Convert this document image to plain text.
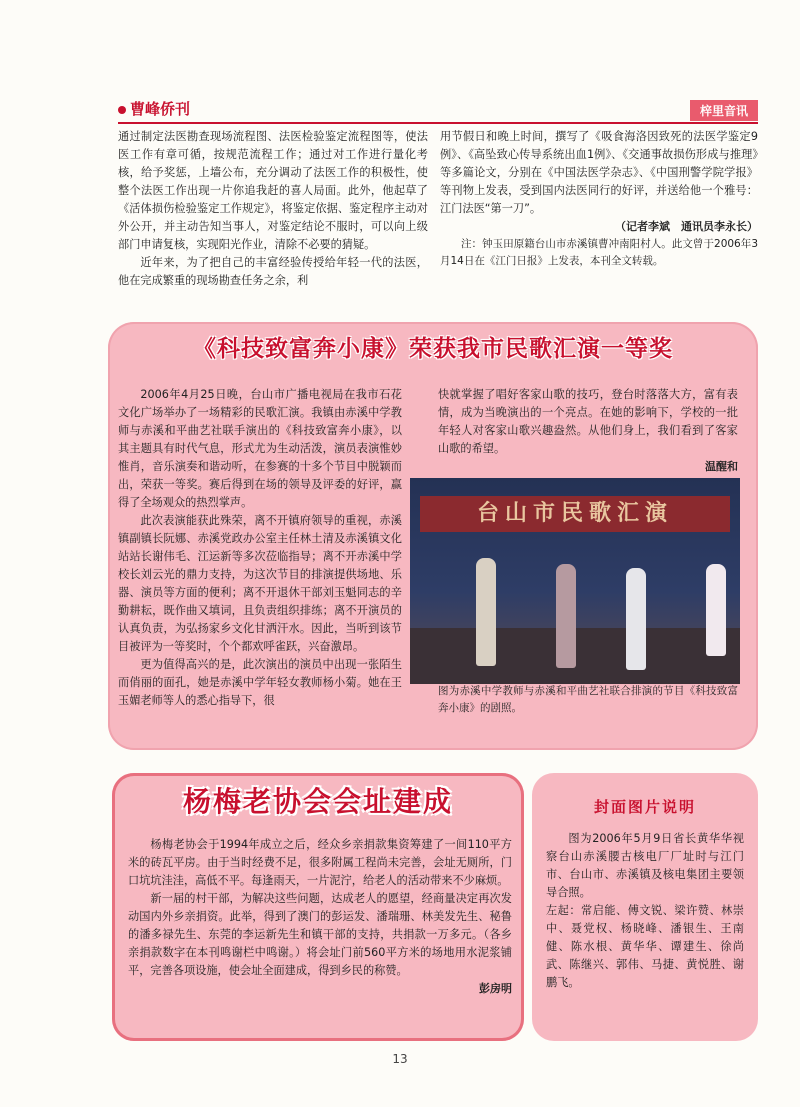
曹峰侨刊	梓里音讯

通过制定法医勘查现场流程图、法医检验鉴定流程图等，使法医工作有章可循，按规范流程工作；通过对工作进行量化考核，给予奖惩，上墙公布，充分调动了法医工作的积极性，使整个法医工作出现一片你追我赶的喜人局面。此外，他起草了《活体损伤检验鉴定工作规定》，将鉴定依据、鉴定程序主动对外公开，并主动告知当事人，对鉴定结论不服时，可以向上级部门申请复核，实现阳光作业，清除不必要的猜疑。

近年来，为了把自己的丰富经验传授给年轻一代的法医，他在完成繁重的现场勘查任务之余，利

用节假日和晚上时间，撰写了《吸食海洛因致死的法医学鉴定9例》、《高坠致心传导系统出血1例》、《交通事故损伤形成与推理》等多篇论文，分别在《中国法医学杂志》、《中国刑警学院学报》等刊物上发表，受到国内法医同行的好评，并送给他一个雅号：江门法医“第一刀”。

（记者李斌　通讯员李永长）

注：钟玉田原籍台山市赤溪镇曹冲南阳村人。此文曾于2006年3月14日在《江门日报》上发表，本刊全文转载。

《科技致富奔小康》荣获我市民歌汇演一等奖

2006年4月25日晚，台山市广播电视局在我市石花文化广场举办了一场精彩的民歌汇演。我镇由赤溪中学教师与赤溪和平曲艺社联手演出的《科技致富奔小康》，以其主题具有时代气息，形式尤为生动活泼，演员表演惟妙惟肖，音乐演奏和谐动听，在参赛的十多个节目中脱颖而出，荣获一等奖。赛后得到在场的领导及评委的好评，赢得了全场观众的热烈掌声。

此次表演能获此殊荣，离不开镇府领导的重视，赤溪镇副镇长阮娜、赤溪党政办公室主任林土清及赤溪镇文化站站长谢伟毛、江运新等多次莅临指导；离不开赤溪中学校长刘云光的鼎力支持，为这次节目的排演提供场地、乐器、演员等方面的便利；离不开退休干部刘玉魁同志的辛勤耕耘，既作曲又填词，且负责组织排练；离不开演员的认真负责，为弘扬家乡文化甘洒汗水。因此，当听到该节目被评为一等奖时，个个都欢呼雀跃，兴奋激昂。

更为值得高兴的是，此次演出的演员中出现一张陌生而俏丽的面孔，她是赤溪中学年轻女教师杨小菊。她在王玉媚老师等人的悉心指导下，很

快就掌握了唱好客家山歌的技巧，登台时落落大方，富有表情，成为当晚演出的一个亮点。在她的影响下，学校的一批年轻人对客家山歌兴趣盎然。从他们身上，我们看到了客家山歌的希望。

温醒和
台山市民歌汇演
图为赤溪中学教师与赤溪和平曲艺社联合排演的节目《科技致富奔小康》的剧照。
杨梅老协会会址建成

杨梅老协会于1994年成立之后，经众乡亲捐款集资筹建了一间110平方米的砖瓦平房。由于当时经费不足，很多附属工程尚未完善，会址无厕所，门口坑坑洼洼，高低不平。每逢雨天，一片泥泞，给老人的活动带来不少麻烦。

新一届的村干部，为解决这些问题，达成老人的愿望，经商量决定再次发动国内外乡亲捐资。此举，得到了澳门的彭运发、潘瑞珊、林美发先生、秘鲁的潘多禄先生、东莞的李运新先生和镇干部的支持，共捐款一万多元。（各乡亲捐款数字在本刊鸣谢栏中鸣谢。）将会址门前560平方米的场地用水泥浆铺平，完善各项设施，使会址全面建成，得到乡民的称赞。

彭房明
封面图片说明

图为2006年5月9日省长黄华华视察台山赤溪腰古核电厂厂址时与江门市、台山市、赤溪镇及核电集团主要领导合照。

左起：常启能、傅文锐、梁许赞、林崇中、聂党权、杨晓峰、潘银生、王南健、陈水根、黄华华、谭建生、徐尚武、陈继兴、郭伟、马捷、黄悦胜、谢鹏飞。

13
